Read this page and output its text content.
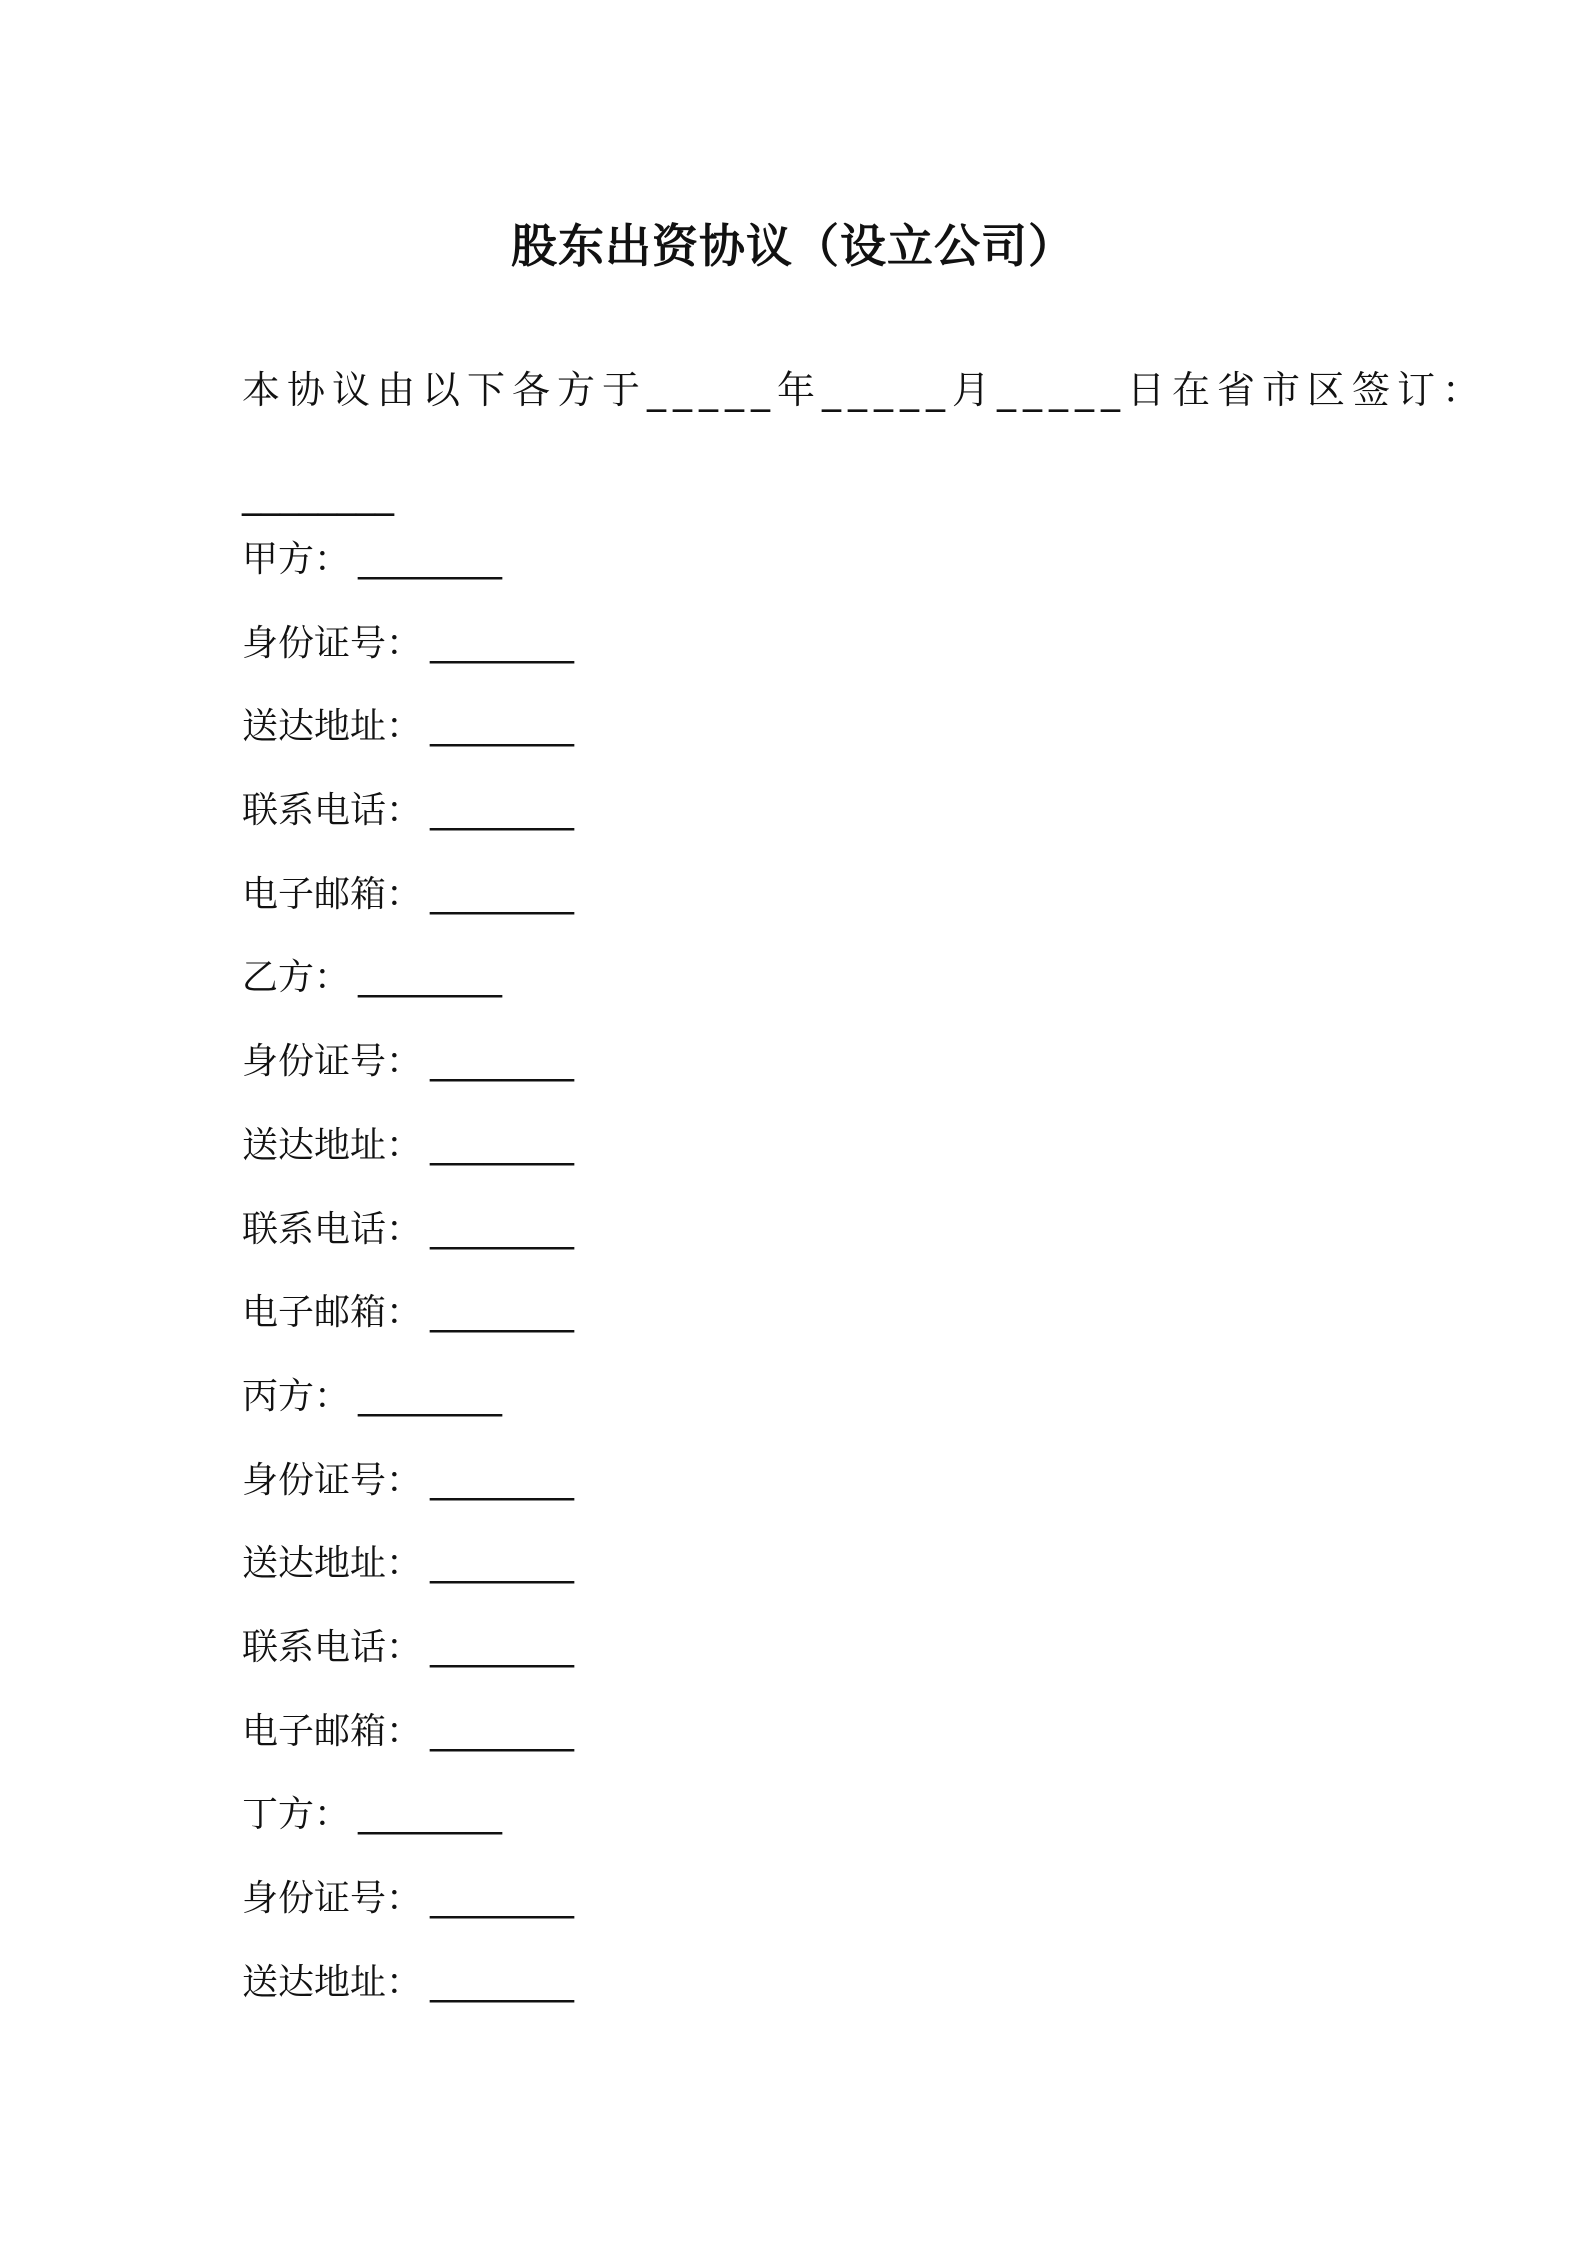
股东出资协议（设立公司）
本协议由以下各方于_____年_____月_____日在省市区签订：
________
甲方： ________
身份证号： ________
送达地址： ________
联系电话： ________
电子邮箱： ________
乙方： ________
身份证号： ________
送达地址： ________
联系电话： ________
电子邮箱： ________
丙方： ________
身份证号： ________
送达地址： ________
联系电话： ________
电子邮箱： ________
丁方： ________
身份证号： ________
送达地址： ________
